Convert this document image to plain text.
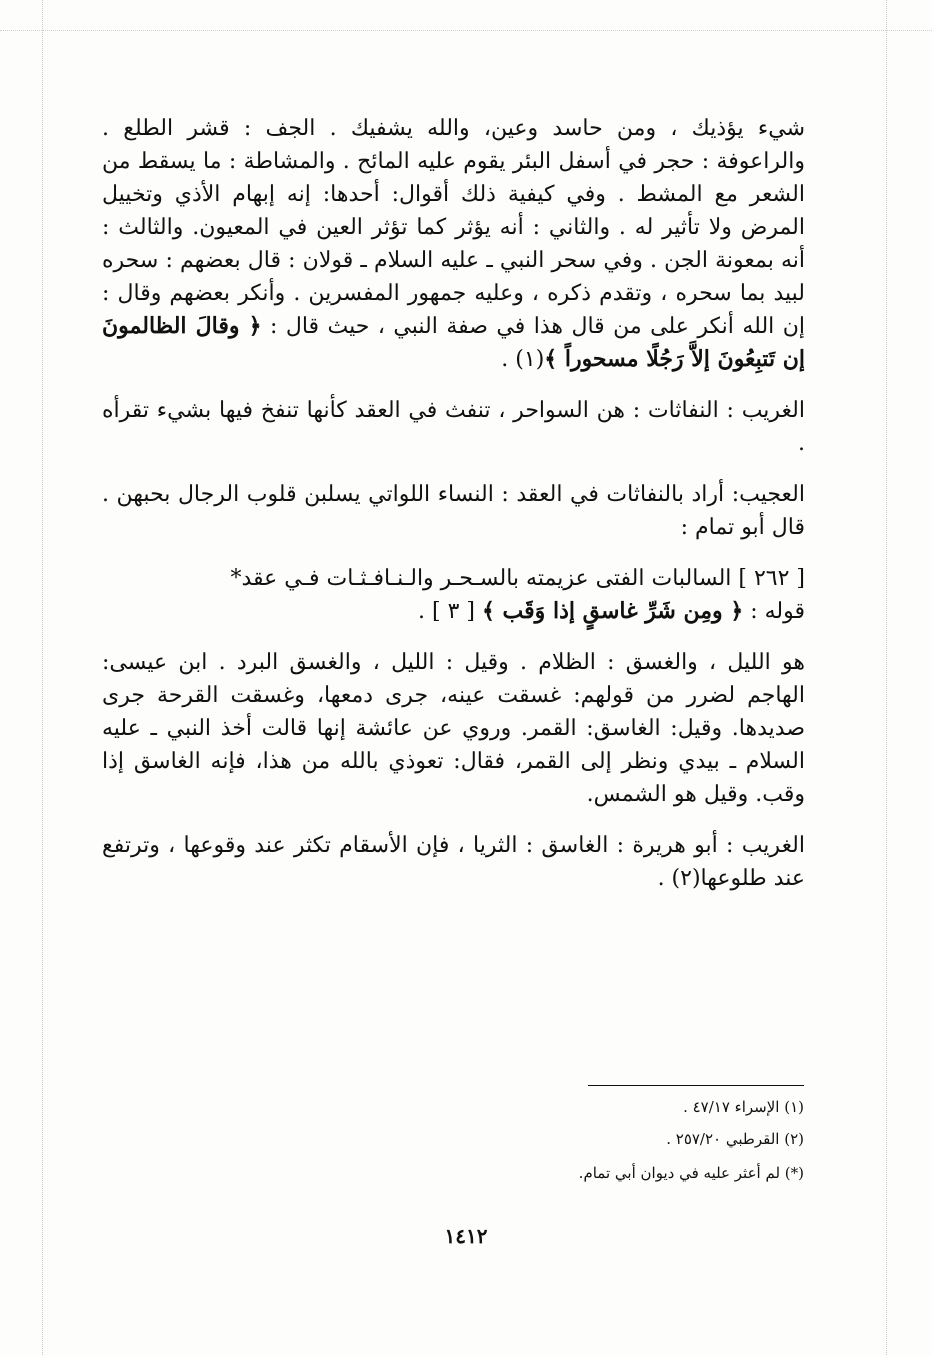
شيء يؤذيك ، ومن حاسد وعين، والله يشفيك . الجف : قشر الطلع . والراعوفة : حجر في أسفل البئر يقوم عليه المائح . والمشاطة : ما يسقط من الشعر مع المشط . وفي كيفية ذلك أقوال: أحدها: إنه إبهام الأذي وتخييل المرض ولا تأثير له . والثاني : أنه يؤثر كما تؤثر العين في المعيون. والثالث : أنه بمعونة الجن . وفي سحر النبي ـ عليه السلام ـ قولان : قال بعضهم : سحره لبيد بما سحره ، وتقدم ذكره ، وعليه جمهور المفسرين . وأنكر بعضهم وقال : إن الله أنكر على من قال هذا في صفة النبي ، حيث قال : ﴿ وقالَ الظالمونَ إن تَتبِعُونَ إلاَّ رَجُلًا مسحوراً ﴾(١) .

الغريب : النفاثات : هن السواحر ، تنفث في العقد كأنها تنفخ فيها بشيء تقرأه .

العجيب: أراد بالنفاثات في العقد : النساء اللواتي يسلبن قلوب الرجال بحبهن . قال أبو تمام :

[ ٢٦٢ ] السالبات الفتى عزيمته بالسـحـر والـنـافـثـات فـي عقد*
قوله : ﴿ ومِن شَرِّ غاسقٍ إذا وَقَب ﴾ [ ٣ ] .

هو الليل ، والغسق : الظلام . وقيل : الليل ، والغسق البرد . ابن عيسى: الهاجم لضرر من قولهم: غسقت عينه، جرى دمعها، وغسقت القرحة جرى صديدها. وقيل: الغاسق: القمر. وروي عن عائشة إنها قالت أخذ النبي ـ عليه السلام ـ بيدي ونظر إلى القمر، فقال: تعوذي بالله من هذا، فإنه الغاسق إذا وقب. وقيل هو الشمس.

الغريب : أبو هريرة : الغاسق : الثريا ، فإن الأسقام تكثر عند وقوعها ، وترتفع عند طلوعها(٢) .

(١) الإسراء ٤٧/١٧ .
(٢) القرطبي ٢٥٧/٢٠ .
(*) لم أعثر عليه في ديوان أبي تمام.
١٤١٢
